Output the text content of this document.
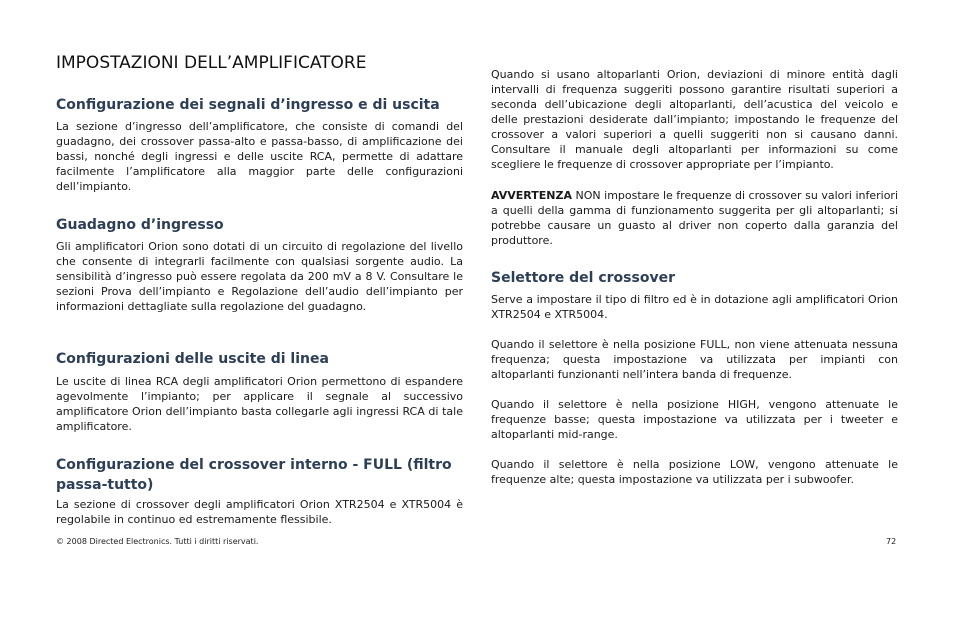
IMPOSTAZIONI DELL’AMPLIFICATORE
Configurazione dei segnali d’ingresso e di uscita

La sezione d’ingresso dell’amplificatore, che consiste di comandi del guadagno, dei crossover passa-alto e passa-basso, di amplificazione dei bassi, nonché degli ingressi e delle uscite RCA, permette di adattare facilmente l’amplificatore alla maggior parte delle configurazioni dell’impianto.

Guadagno d’ingresso

Gli amplificatori Orion sono dotati di un circuito di regolazione del livello che consente di integrarli facilmente con qualsiasi sorgente audio. La sensibilità d’ingresso può essere regolata da 200 mV a 8 V. Consultare le sezioni Prova dell’impianto e Regolazione dell’audio dell’impianto per informazioni dettagliate sulla regolazione del guadagno.

Configurazioni delle uscite di linea

Le uscite di linea RCA degli amplificatori Orion permettono di espandere agevolmente l’impianto; per applicare il segnale al successivo amplificatore Orion dell’impianto basta collegarle agli ingressi RCA di tale amplificatore.

Configurazione del crossover interno - FULL (filtro passa-tutto)

La sezione di crossover degli amplificatori Orion XTR2504 e XTR5004 è regolabile in continuo ed estremamente flessibile.

Quando si usano altoparlanti Orion, deviazioni di minore entità dagli intervalli di frequenza suggeriti possono garantire risultati superiori a seconda dell’ubicazione degli altoparlanti, dell’acustica del veicolo e delle prestazioni desiderate dall’impianto; impostando le frequenze del crossover a valori superiori a quelli suggeriti non si causano danni. Consultare il manuale degli altoparlanti per informazioni su come scegliere le frequenze di crossover appropriate per l’impianto.

AVVERTENZA NON impostare le frequenze di crossover su valori inferiori a quelli della gamma di funzionamento suggerita per gli altoparlanti; si potrebbe causare un guasto al driver non coperto dalla garanzia del produttore.

Selettore del crossover

Serve a impostare il tipo di filtro ed è in dotazione agli amplificatori Orion XTR2504 e XTR5004.

Quando il selettore è nella posizione FULL, non viene attenuata nessuna frequenza; questa impostazione va utilizzata per impianti con altoparlanti funzionanti nell’intera banda di frequenze.

Quando il selettore è nella posizione HIGH, vengono attenuate le frequenze basse; questa impostazione va utilizzata per i tweeter e altoparlanti mid-range.

Quando il selettore è nella posizione LOW, vengono attenuate le frequenze alte; questa impostazione va utilizzata per i subwoofer.

© 2008 Directed Electronics. Tutti i diritti riservati.	72
